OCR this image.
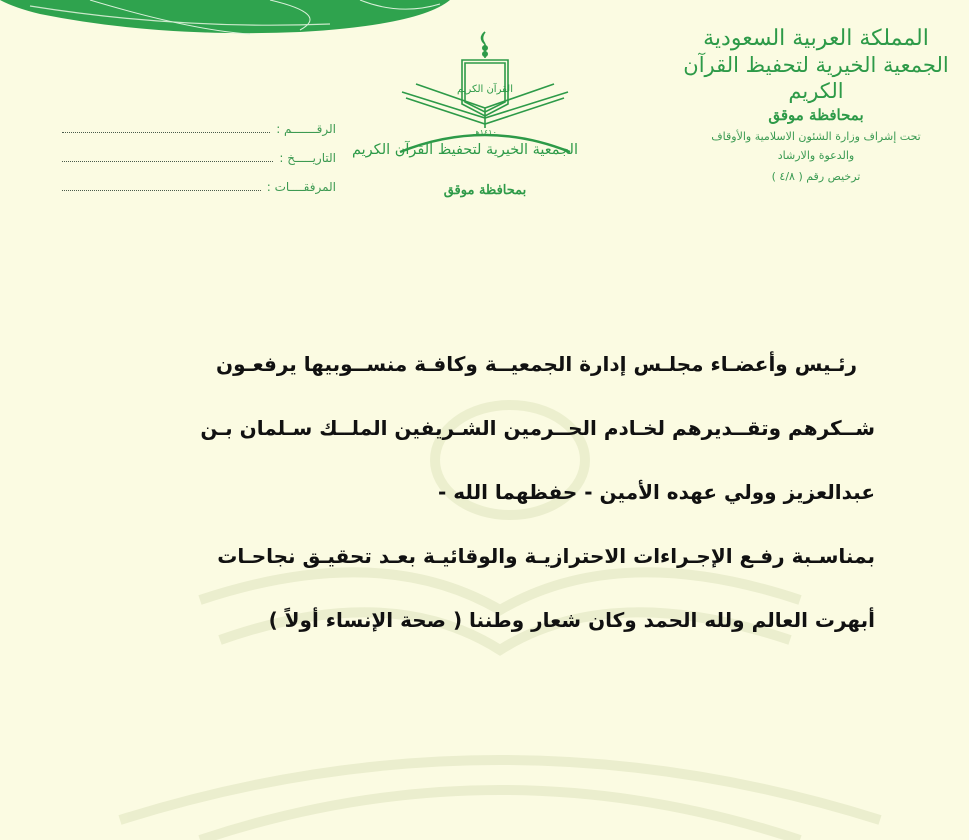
المملكة العربية السعودية
الجمعية الخيرية لتحفيظ القرآن الكريم
بمحافظة موقق
تحت إشراف وزارة الشئون الاسلامية والأوقاف
والدعوة والارشاد
ترخيص رقم ( ٤/٨ )
القرآن الكريم
١٤١٠هـ
الجمعية الخيرية لتحفيظ القرآن الكريم
بمحافظة موقق
الرقـــــــم :
التاريـــــخ :
المرفقــــات :
رئـيس وأعضـاء مجلـس إدارة الجمعيــة وكافـة منســوبيها يرفعـون
شــكرهم وتقــديرهم لخـادم الحــرمين الشـريفين الملــك سـلمان بـن
عبدالعزيز وولي عهده الأمين - حفظهما الله -
بمناسـبة رفـع الإجـراءات الاحترازيـة والوقائيـة بعـد تحقيـق نجاحـات
أبهرت العالم ولله الحمد وكان شعار وطننا ( صحة الإنساء أولاً )
